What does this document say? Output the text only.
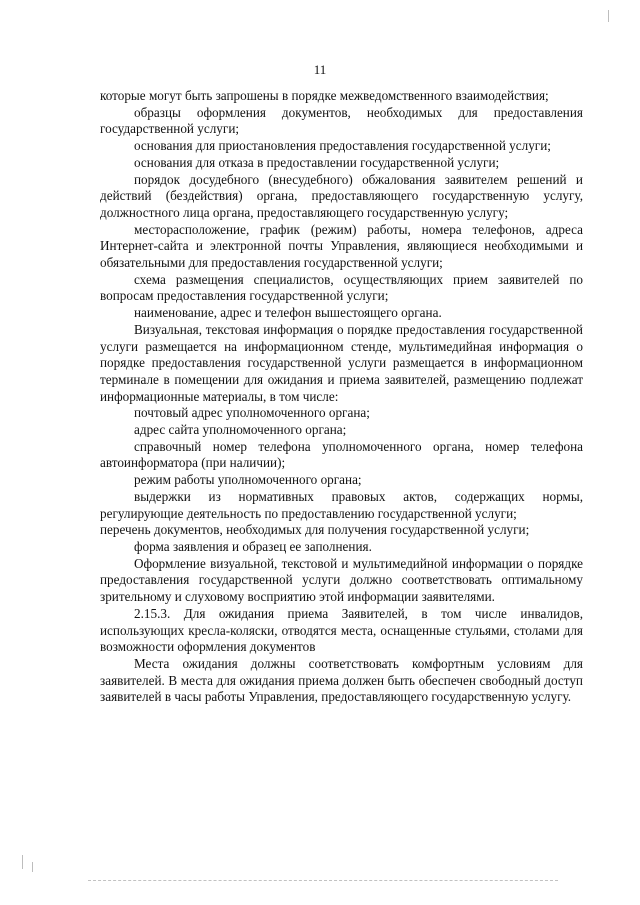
11

которые могут быть запрошены в порядке межведомственного взаимодействия;

образцы оформления документов, необходимых для предоставления государственной услуги;

основания для приостановления предоставления государственной услуги;

основания для отказа в предоставлении государственной услуги;

порядок досудебного (внесудебного) обжалования заявителем решений и действий (бездействия) органа, предоставляющего государственную услугу, должностного лица органа, предоставляющего государственную услугу;

месторасположение, график (режим) работы, номера телефонов, адреса Интернет-сайта и электронной почты Управления, являющиеся необходимыми и обязательными для предоставления государственной услуги;

схема размещения специалистов, осуществляющих прием заявителей по вопросам предоставления государственной услуги;

наименование, адрес и телефон вышестоящего органа.

Визуальная, текстовая информация о порядке предоставления государственной услуги размещается на информационном стенде, мультимедийная информация о порядке предоставления государственной услуги размещается в информационном терминале в помещении для ожидания и приема заявителей, размещению подлежат информационные материалы, в том числе:

почтовый адрес уполномоченного органа;

адрес сайта уполномоченного органа;

справочный номер телефона уполномоченного органа, номер телефона автоинформатора (при наличии);

режим работы уполномоченного органа;

выдержки из нормативных правовых актов, содержащих нормы, регулирующие деятельность по предоставлению государственной услуги;

перечень документов, необходимых для получения государственной услуги;

форма заявления и образец ее заполнения.

Оформление визуальной, текстовой и мультимедийной информации о порядке предоставления государственной услуги должно соответствовать оптимальному зрительному и слуховому восприятию этой информации заявителями.

2.15.3. Для ожидания приема Заявителей, в том числе инвалидов, использующих кресла-коляски, отводятся места, оснащенные стульями, столами для возможности оформления документов

Места ожидания должны соответствовать комфортным условиям для заявителей. В места для ожидания приема должен быть обеспечен свободный доступ заявителей в часы работы Управления, предоставляющего государственную услугу.
